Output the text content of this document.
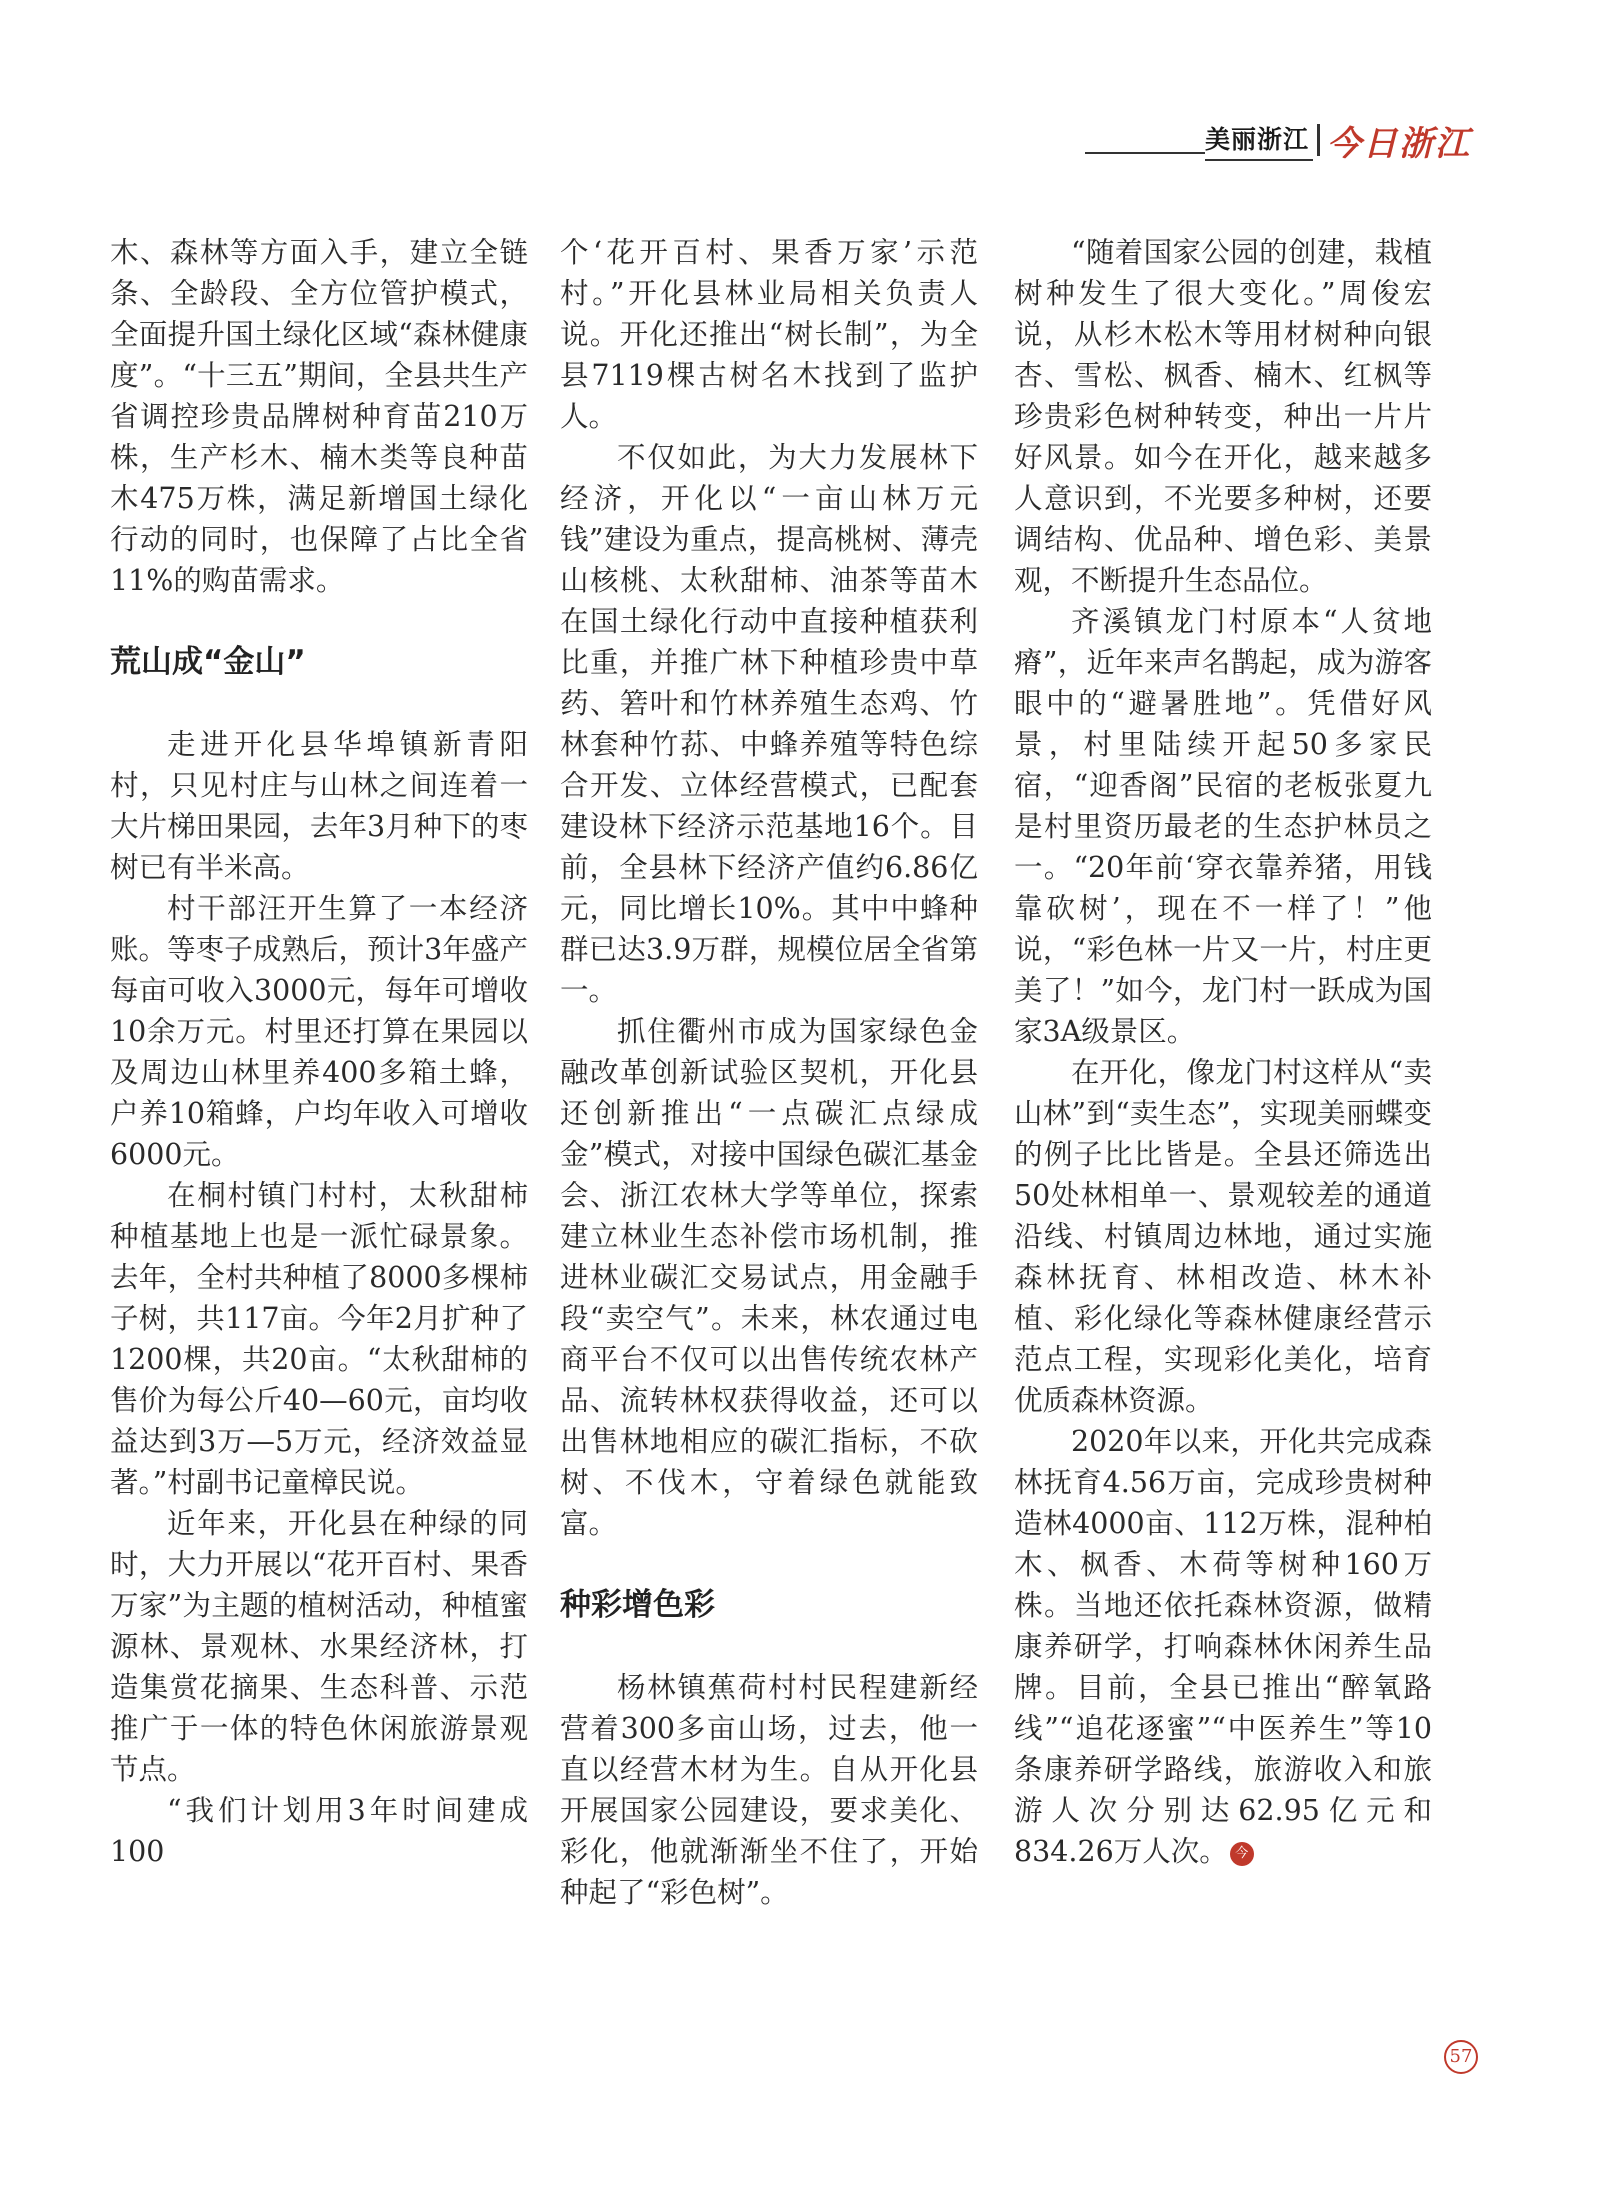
美丽浙江 今日浙江

木、森林等方面入手，建立全链条、全龄段、全方位管护模式，全面提升国土绿化区域“森林健康度”。“十三五”期间，全县共生产省调控珍贵品牌树种育苗210万株，生产杉木、楠木类等良种苗木475万株，满足新增国土绿化行动的同时，也保障了占比全省11%的购苗需求。

荒山成“金山”

走进开化县华埠镇新青阳村，只见村庄与山林之间连着一大片梯田果园，去年3月种下的枣树已有半米高。

村干部汪开生算了一本经济账。等枣子成熟后，预计3年盛产每亩可收入3000元，每年可增收10余万元。村里还打算在果园以及周边山林里养400多箱土蜂，户养10箱蜂，户均年收入可增收6000元。

在桐村镇门村村，太秋甜柿种植基地上也是一派忙碌景象。去年，全村共种植了8000多棵柿子树，共117亩。今年2月扩种了1200棵，共20亩。“太秋甜柿的售价为每公斤40—60元，亩均收益达到3万—5万元，经济效益显著。”村副书记童樟民说。

近年来，开化县在种绿的同时，大力开展以“花开百村、果香万家”为主题的植树活动，种植蜜源林、景观林、水果经济林，打造集赏花摘果、生态科普、示范推广于一体的特色休闲旅游景观节点。

“我们计划用3年时间建成100

个‘花开百村、果香万家’示范村。”开化县林业局相关负责人说。开化还推出“树长制”，为全县7119棵古树名木找到了监护人。

不仅如此，为大力发展林下经济，开化以“一亩山林万元钱”建设为重点，提高桃树、薄壳山核桃、太秋甜柿、油茶等苗木在国土绿化行动中直接种植获利比重，并推广林下种植珍贵中草药、箬叶和竹林养殖生态鸡、竹林套种竹荪、中蜂养殖等特色综合开发、立体经营模式，已配套建设林下经济示范基地16个。目前，全县林下经济产值约6.86亿元，同比增长10%。其中中蜂种群已达3.9万群，规模位居全省第一。

抓住衢州市成为国家绿色金融改革创新试验区契机，开化县还创新推出“一点碳汇点绿成金”模式，对接中国绿色碳汇基金会、浙江农林大学等单位，探索建立林业生态补偿市场机制，推进林业碳汇交易试点，用金融手段“卖空气”。未来，林农通过电商平台不仅可以出售传统农林产品、流转林权获得收益，还可以出售林地相应的碳汇指标，不砍树、不伐木，守着绿色就能致富。

种彩增色彩

杨林镇蕉荷村村民程建新经营着300多亩山场，过去，他一直以经营木材为生。自从开化县开展国家公园建设，要求美化、彩化，他就渐渐坐不住了，开始种起了“彩色树”。

“随着国家公园的创建，栽植树种发生了很大变化。”周俊宏说，从杉木松木等用材树种向银杏、雪松、枫香、楠木、红枫等珍贵彩色树种转变，种出一片片好风景。如今在开化，越来越多人意识到，不光要多种树，还要调结构、优品种、增色彩、美景观，不断提升生态品位。

齐溪镇龙门村原本“人贫地瘠”，近年来声名鹊起，成为游客眼中的“避暑胜地”。凭借好风景，村里陆续开起50多家民宿，“迎香阁”民宿的老板张夏九是村里资历最老的生态护林员之一。“20年前‘穿衣靠养猪，用钱靠砍树’，现在不一样了！”他说，“彩色林一片又一片，村庄更美了！”如今，龙门村一跃成为国家3A级景区。

在开化，像龙门村这样从“卖山林”到“卖生态”，实现美丽蝶变的例子比比皆是。全县还筛选出50处林相单一、景观较差的通道沿线、村镇周边林地，通过实施森林抚育、林相改造、林木补植、彩化绿化等森林健康经营示范点工程，实现彩化美化，培育优质森林资源。

2020年以来，开化共完成森林抚育4.56万亩，完成珍贵树种造林4000亩、112万株，混种柏木、枫香、木荷等树种160万株。当地还依托森林资源，做精康养研学，打响森林休闲养生品牌。目前，全县已推出“醉氧路线”“追花逐蜜”“中医养生”等10条康养研学路线，旅游收入和旅游人次分别达62.95亿元和834.26万人次。 今

57
